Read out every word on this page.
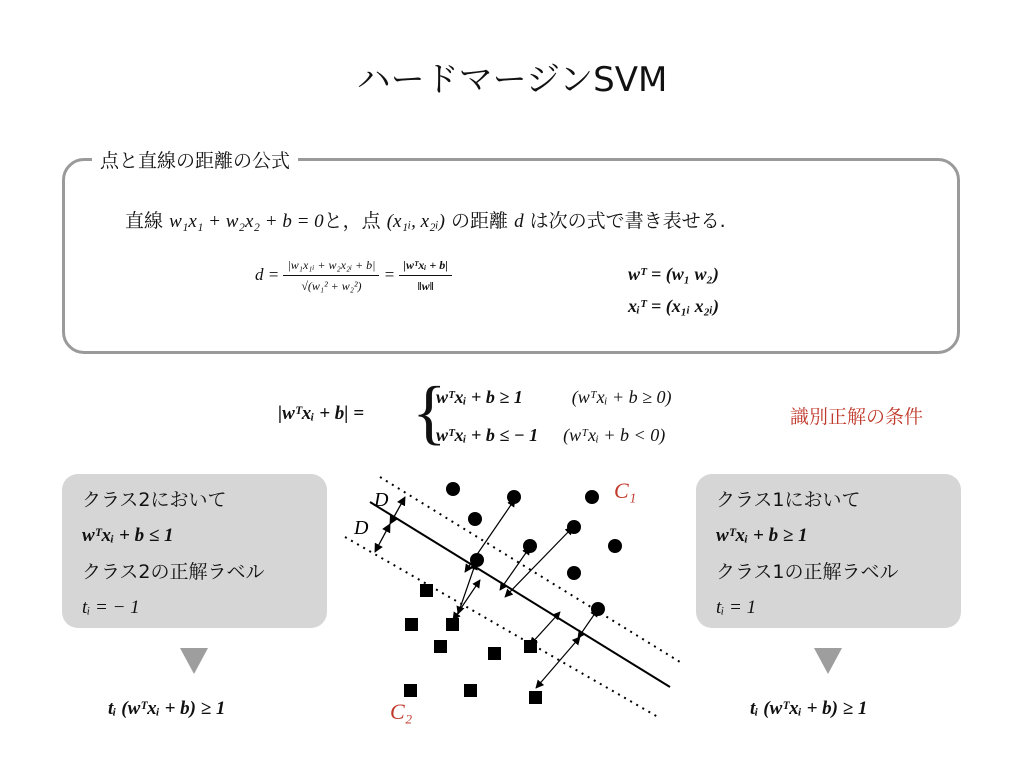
ハードマージンSVM
点と直線の距離の公式
直線 w₁x₁ + w₂x₂ + b = 0と，点 (x₁ᵢ, x₂ᵢ) の距離 d は次の式で書き表せる.
$d = \frac{\text{|w₁x₁ᵢ + w₂x₂ᵢ + b|}}{\text{√(w₁² + w₂²)}} = \frac{\text{|wᵀxᵢ + b|}}{‖w‖}$	wᵀ = (w₁ w₂)
xᵢᵀ = (x₁ᵢ x₂ᵢ)
|wᵀxᵢ + b| = {
wᵀxᵢ + b ≥ 1	(wᵀxᵢ + b ≥ 0)
wᵀxᵢ + b ≤ − 1 (wᵀxᵢ + b < 0)
識別正解の条件
クラス2において
wᵀxᵢ + b ≤ 1
クラス2の正解ラベル
tᵢ = − 1
クラス1において
wᵀxᵢ + b ≥ 1
クラス1の正解ラベル
tᵢ = 1
tᵢ (wᵀxᵢ + b) ≥ 1	tᵢ (wᵀxᵢ + b) ≥ 1
D
D
C₁
C₂
